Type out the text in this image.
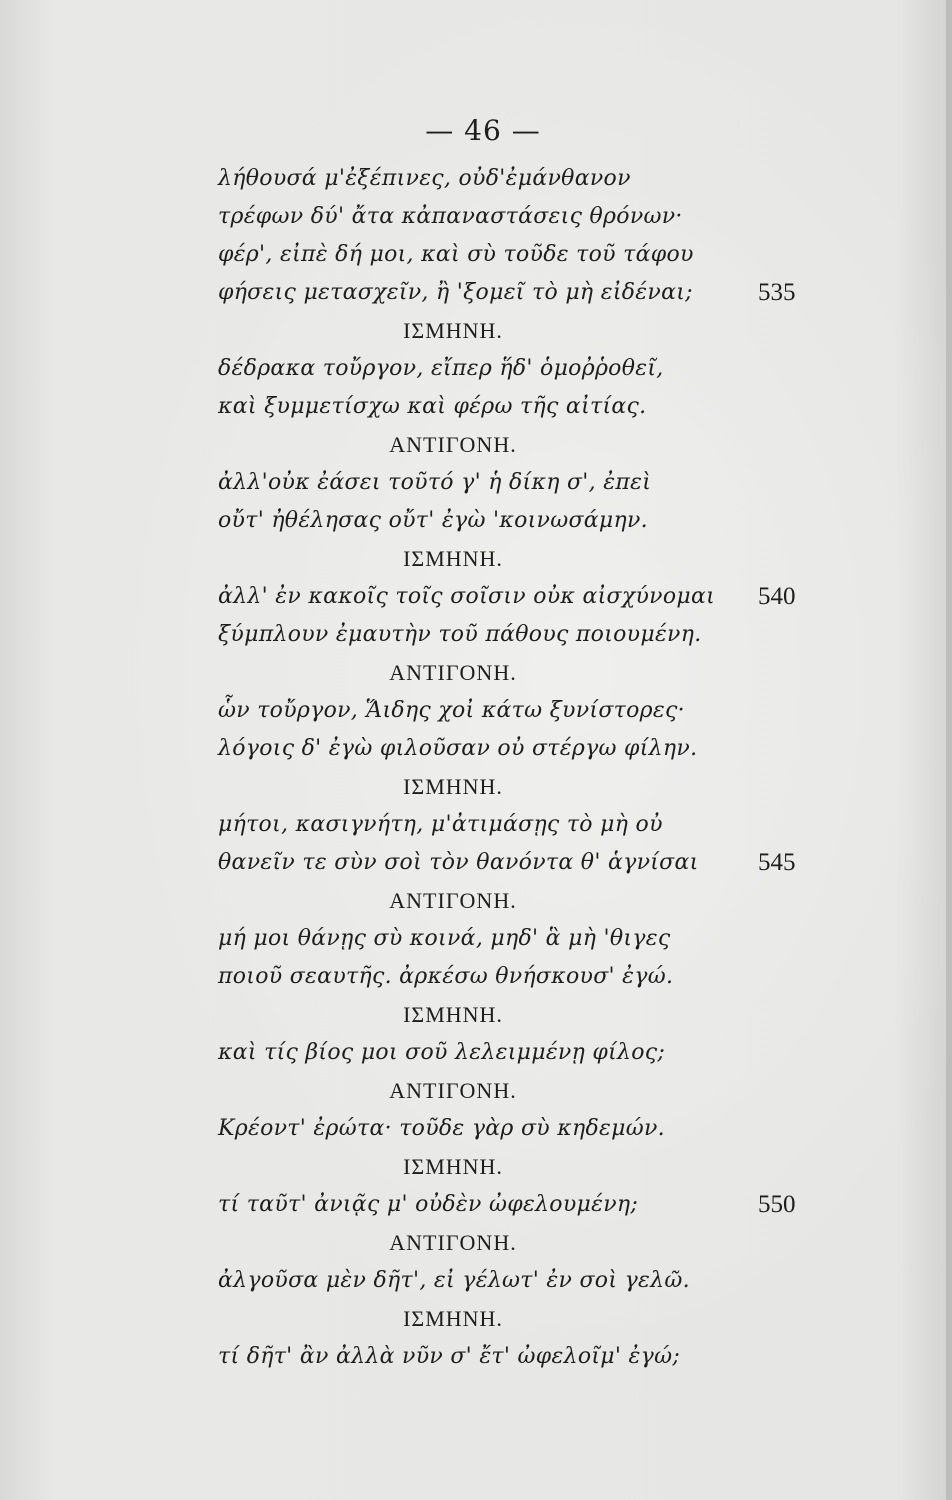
— 46 —
λήθουσά μ'ἐξέπινες, οὐδ'ἐμάνθανον
τρέφων δύ' ἄτα κἀπαναστάσεις θρόνων·
φέρ', εἰπὲ δή μοι, καὶ σὺ τοῦδε τοῦ τάφου
φήσεις μετασχεῖν, ἢ 'ξομεῖ τὸ μὴ εἰδέναι;	535
ΙΣΜΗΝΗ.
δέδρακα τοὔργον, εἴπερ ἥδ' ὁμοῤῥοθεῖ,
καὶ ξυμμετίσχω καὶ φέρω τῆς αἰτίας.
ΑΝΤΙΓΟΝΗ.
ἀλλ'οὐκ ἐάσει τοῦτό γ' ἡ δίκη σ', ἐπεὶ
οὔτ' ἠθέλησας οὔτ' ἐγὼ 'κοινωσάμην.
ΙΣΜΗΝΗ.
ἀλλ' ἐν κακοῖς τοῖς σοῖσιν οὐκ αἰσχύνομαι 540
ξύμπλουν ἐμαυτὴν τοῦ πάθους ποιουμένη.
ΑΝΤΙΓΟΝΗ.
ὧν τοὔργον, Ἅιδης χοἰ κάτω ξυνίστορες·
λόγοις δ' ἐγὼ φιλοῦσαν οὐ στέργω φίλην.
ΙΣΜΗΝΗ.
μήτοι, κασιγνήτη, μ'ἀτιμάσῃς τὸ μὴ οὐ
θανεῖν τε σὺν σοὶ τὸν θανόντα θ' ἁγνίσαι 545
ΑΝΤΙΓΟΝΗ.
μή μοι θάνῃς σὺ κοινά, μηδ' ἃ μὴ 'θιγες
ποιοῦ σεαυτῆς. ἀρκέσω θνήσκουσ' ἐγώ.
ΙΣΜΗΝΗ.
καὶ τίς βίος μοι σοῦ λελειμμένῃ φίλος;
ΑΝΤΙΓΟΝΗ.
Κρέοντ' ἐρώτα· τοῦδε γὰρ σὺ κηδεμών.
ΙΣΜΗΝΗ.
τί ταῦτ' ἀνιᾷς μ' οὐδὲν ὠφελουμένη;	550
ΑΝΤΙΓΟΝΗ.
ἀλγοῦσα μὲν δῆτ', εἰ γέλωτ' ἐν σοὶ γελῶ.
ΙΣΜΗΝΗ.
τί δῆτ' ἂν ἀλλὰ νῦν σ' ἔτ' ὠφελοῖμ' ἐγώ;
